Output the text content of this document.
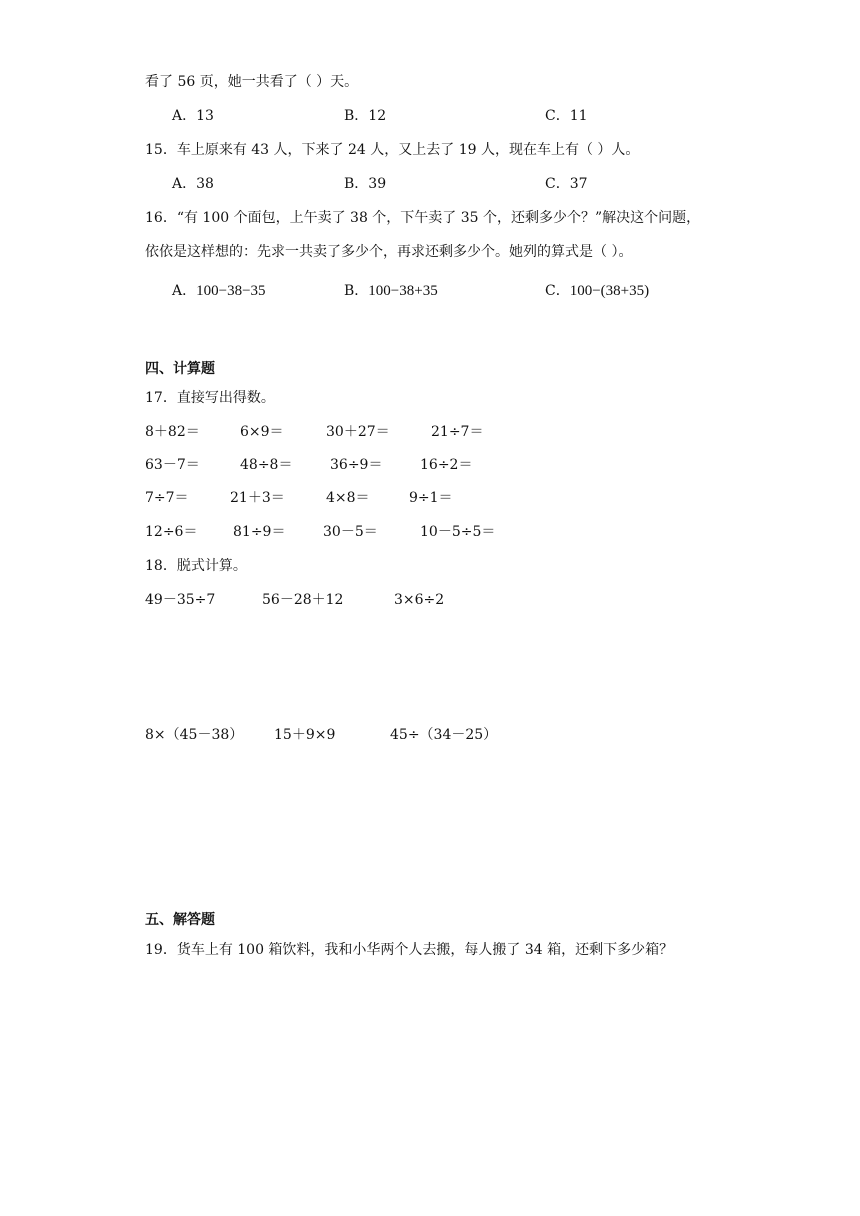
看了 56 页，她一共看了（ ）天。
A．13	B．12	C．11
15．车上原来有 43 人，下来了 24 人，又上去了 19 人，现在车上有（ ）人。
A．38	B．39	C．37
16．“有 100 个面包，上午卖了 38 个，下午卖了 35 个，还剩多少个？”解决这个问题，
依依是这样想的：先求一共卖了多少个，再求还剩多少个。她列的算式是（ ）。
A．100−38−35	B．100−38+35	C．100−(38+35)
四、计算题
17．直接写出得数。
8＋82＝	6×9＝	30＋27＝	21÷7＝
63－7＝	48÷8＝	36÷9＝	16÷2＝
7÷7＝	21＋3＝	4×8＝	9÷1＝
12÷6＝	81÷9＝	30－5＝	10－5÷5＝
18．脱式计算。
49－35÷7	56－28＋12	3×6÷2
8×（45－38） 15＋9×9	45÷（34－25）
五、解答题
19．货车上有 100 箱饮料，我和小华两个人去搬，每人搬了 34 箱，还剩下多少箱？
